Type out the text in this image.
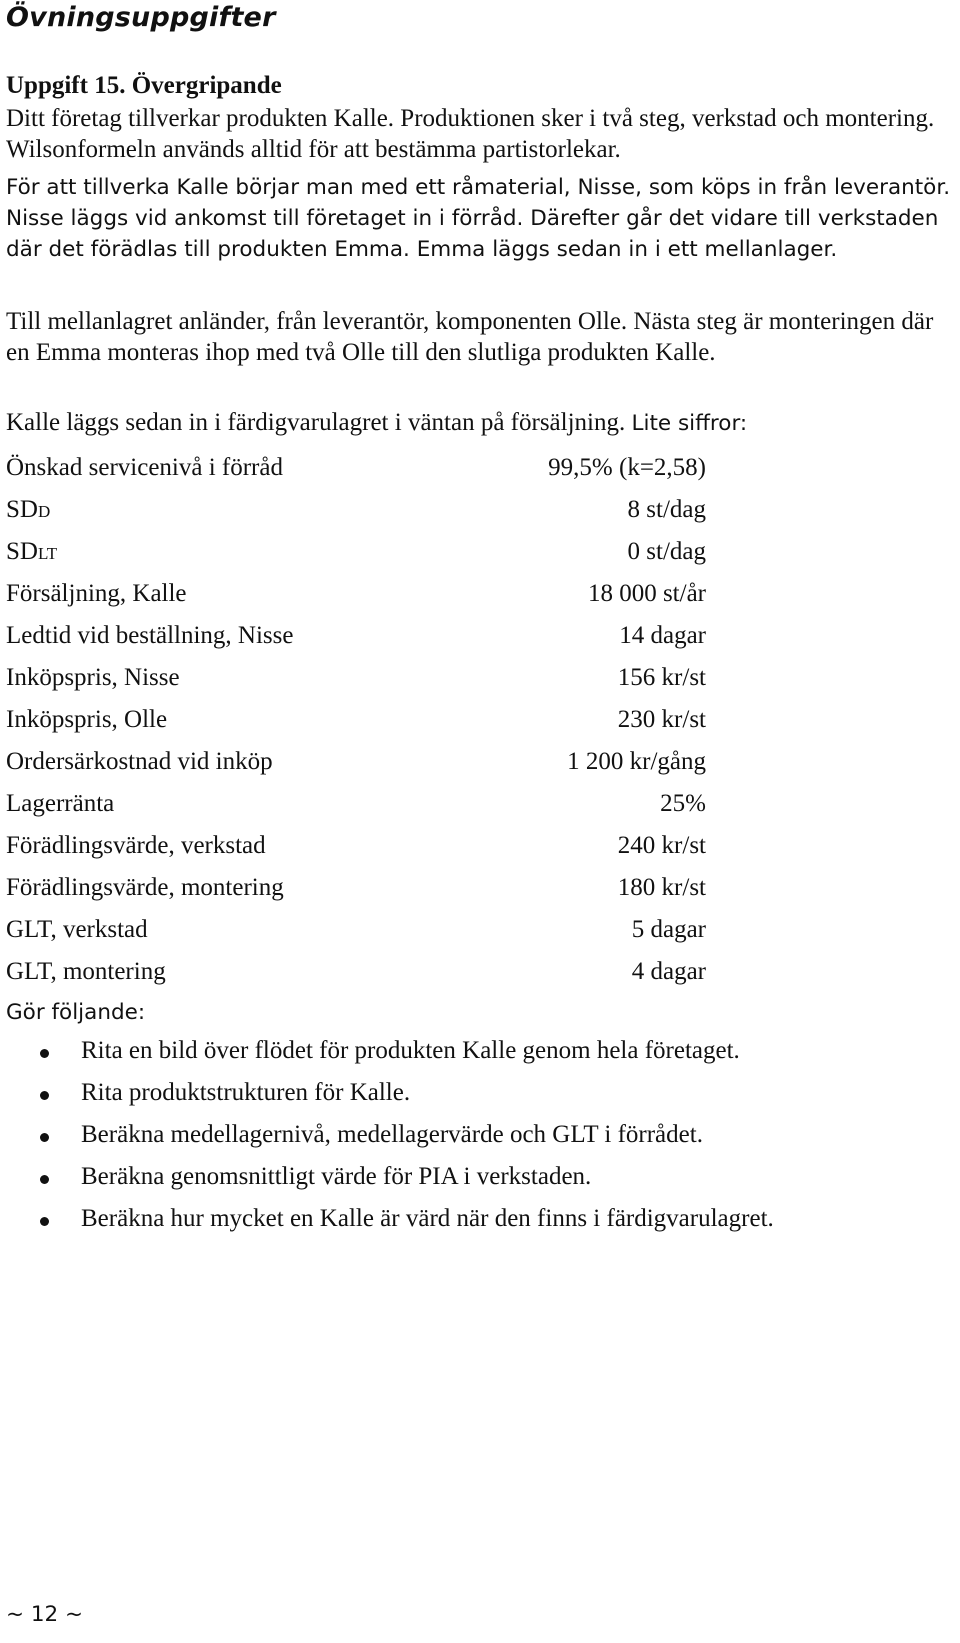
Övningsuppgifter
Uppgift 15. Övergripande
Ditt företag tillverkar produkten Kalle. Produktionen sker i två steg, verkstad och montering. Wilsonformeln används alltid för att bestämma partistorlekar.
För att tillverka Kalle börjar man med ett råmaterial, Nisse, som köps in från leverantör. Nisse läggs vid ankomst till företaget in i förråd. Därefter går det vidare till verkstaden där det förädlas till produkten Emma. Emma läggs sedan in i ett mellanlager.
Till mellanlagret anländer, från leverantör, komponenten Olle. Nästa steg är monteringen där en Emma monteras ihop med två Olle till den slutliga produkten Kalle.
Kalle läggs sedan in i färdigvarulagret i väntan på försäljning. Lite siffror:
Önskad servicenivå i förråd	99,5% (k=2,58)
SDD	8 st/dag
SDLT	0 st/dag
Försäljning, Kalle	18 000 st/år
Ledtid vid beställning, Nisse	14 dagar
Inköpspris, Nisse	156 kr/st
Inköpspris, Olle	230 kr/st
Ordersärkostnad vid inköp	1 200 kr/gång
Lagerränta	25%
Förädlingsvärde, verkstad	240 kr/st
Förädlingsvärde, montering	180 kr/st
GLT, verkstad	5 dagar
GLT, montering	4 dagar
Gör följande:
Rita en bild över flödet för produkten Kalle genom hela företaget.
Rita produktstrukturen för Kalle.
Beräkna medellagernivå, medellagervärde och GLT i förrådet.
Beräkna genomsnittligt värde för PIA i verkstaden.
Beräkna hur mycket en Kalle är värd när den finns i färdigvarulagret.
~ 12 ~
